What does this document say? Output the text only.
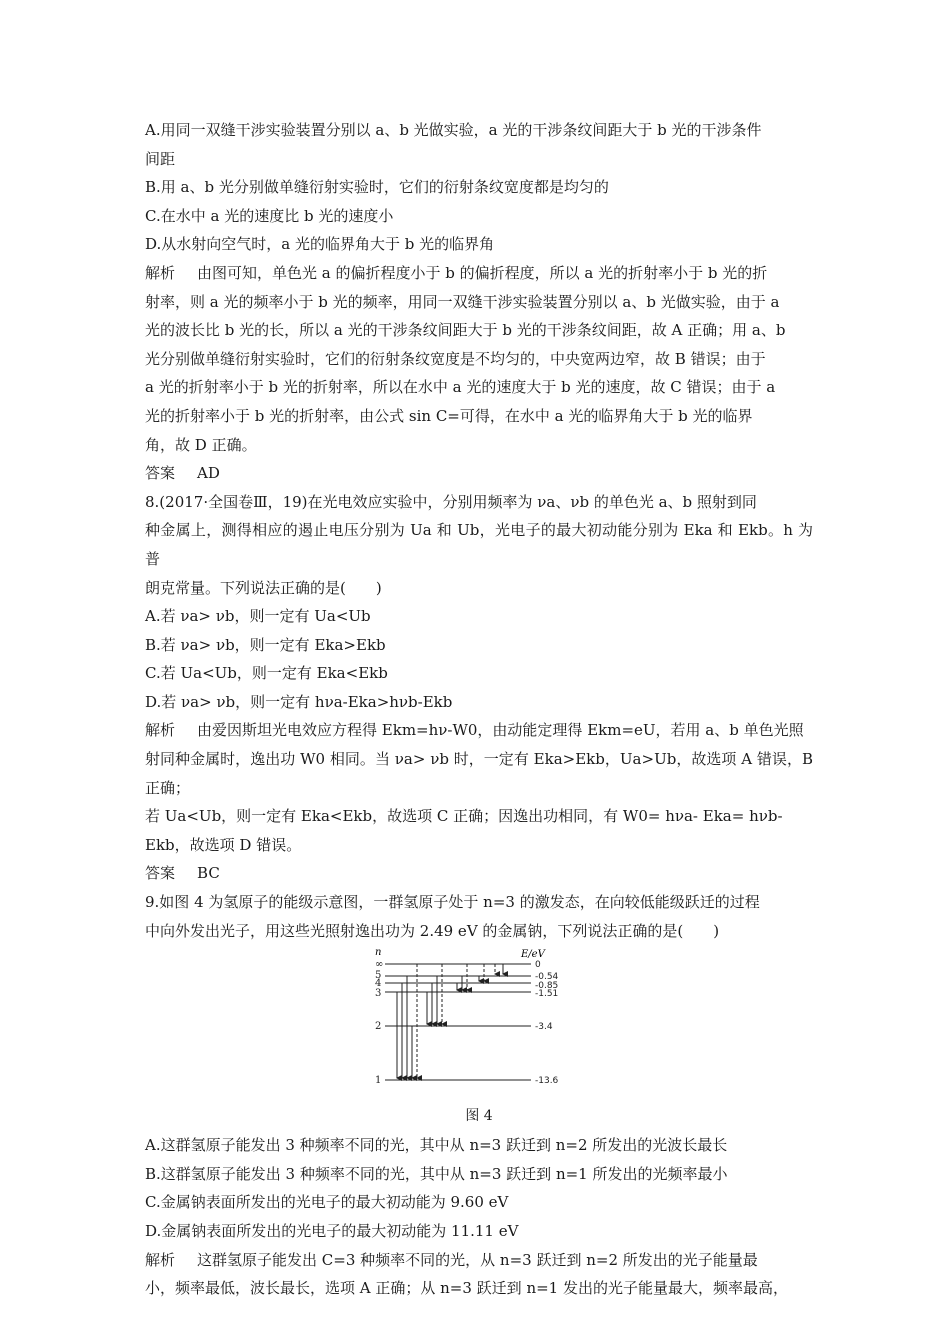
A.用同一双缝干涉实验装置分别以 a、b 光做实验，a 光的干涉条纹间距大于 b 光的干涉条件

间距

B.用 a、b 光分别做单缝衍射实验时，它们的衍射条纹宽度都是均匀的

C.在水中 a 光的速度比 b 光的速度小

D.从水射向空气时，a 光的临界角大于 b 光的临界角

解析 由图可知，单色光 a 的偏折程度小于 b 的偏折程度，所以 a 光的折射率小于 b 光的折

射率，则 a 光的频率小于 b 光的频率，用同一双缝干涉实验装置分别以 a、b 光做实验，由于 a

光的波长比 b 光的长，所以 a 光的干涉条纹间距大于 b 光的干涉条纹间距，故 A 正确；用 a、b

光分别做单缝衍射实验时，它们的衍射条纹宽度是不均匀的，中央宽两边窄，故 B 错误；由于

a 光的折射率小于 b 光的折射率，所以在水中 a 光的速度大于 b 光的速度，故 C 错误；由于 a

光的折射率小于 b 光的折射率，由公式 sin C=可得，在水中 a 光的临界角大于 b 光的临界

角，故 D 正确。

答案 AD

8.(2017·全国卷Ⅲ，19)在光电效应实验中，分别用频率为 νa、νb 的单色光 a、b 照射到同

种金属上，测得相应的遏止电压分别为 Ua 和 Ub，光电子的最大初动能分别为 Eka 和 Ekb。h 为普

朗克常量。下列说法正确的是(　　)

A.若 νa> νb，则一定有 Ua<Ub

B.若 νa> νb，则一定有 Eka>Ekb

C.若 Ua<Ub，则一定有 Eka<Ekb

D.若 νa> νb，则一定有 hνa-Eka>hνb-Ekb

解析 由爱因斯坦光电效应方程得 Ekm=hν-W0，由动能定理得 Ekm=eU，若用 a、b 单色光照

射同种金属时，逸出功 W0 相同。当 νa> νb 时，一定有 Eka>Ekb，Ua>Ub，故选项 A 错误，B 正确；

若 Ua<Ub，则一定有 Eka<Ekb，故选项 C 正确；因逸出功相同，有 W0= hνa- Eka= hνb-

Ekb，故选项 D 错误。

答案 BC

9.如图 4 为氢原子的能级示意图，一群氢原子处于 n=3 的激发态，在向较低能级跃迁的过程

中向外发出光子，用这些光照射逸出功为 2.49 eV 的金属钠，下列说法正确的是(　　)

n	E/eV
∞
5
4
3
2
1
0
-0.54
-0.85
-1.51
-3.4
-13.6

图 4

A.这群氢原子能发出 3 种频率不同的光，其中从 n=3 跃迁到 n=2 所发出的光波长最长

B.这群氢原子能发出 3 种频率不同的光，其中从 n=3 跃迁到 n=1 所发出的光频率最小

C.金属钠表面所发出的光电子的最大初动能为 9.60 eV

D.金属钠表面所发出的光电子的最大初动能为 11.11 eV

解析 这群氢原子能发出 C=3 种频率不同的光，从 n=3 跃迁到 n=2 所发出的光子能量最

小，频率最低，波长最长，选项 A 正确；从 n=3 跃迁到 n=1 发出的光子能量最大，频率最高，
